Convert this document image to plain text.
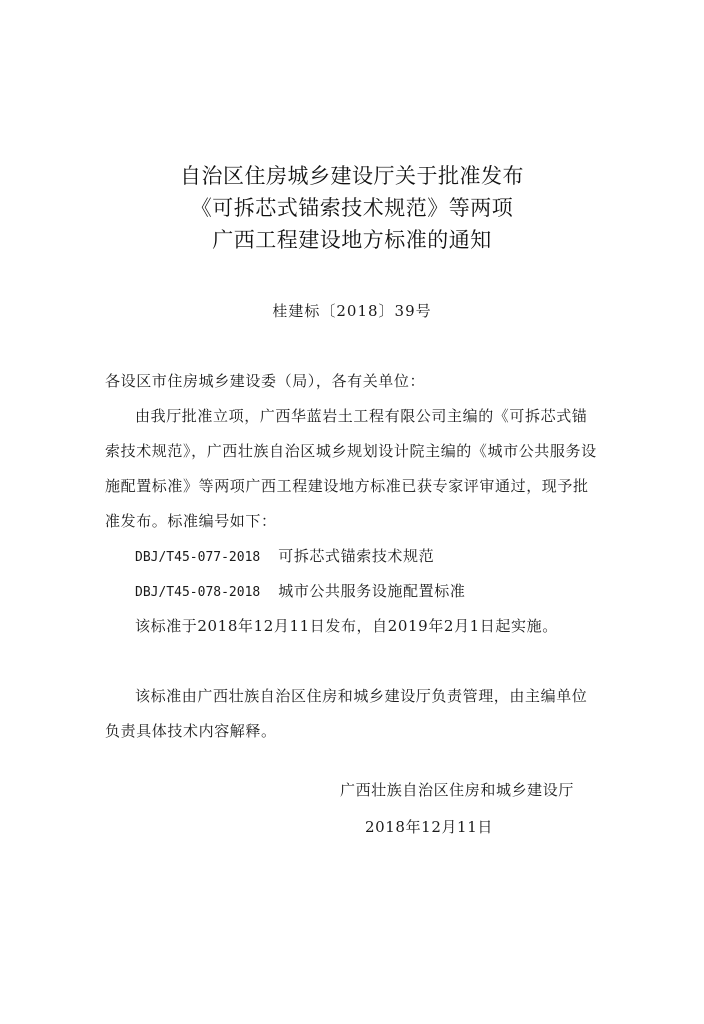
自治区住房城乡建设厅关于批准发布
《可拆芯式锚索技术规范》等两项
广西工程建设地方标准的通知
桂建标〔2018〕39号
各设区市住房城乡建设委（局），各有关单位：
由我厅批准立项，广西华蓝岩土工程有限公司主编的《可拆芯式锚索技术规范》，广西壮族自治区城乡规划设计院主编的《城市公共服务设施配置标准》等两项广西工程建设地方标准已获专家评审通过，现予批准发布。标准编号如下：
DBJ/T45-077-2018 可拆芯式锚索技术规范
DBJ/T45-078-2018 城市公共服务设施配置标准
该标准于2018年12月11日发布，自2019年2月1日起实施。
该标准由广西壮族自治区住房和城乡建设厅负责管理，由主编单位负责具体技术内容解释。
广西壮族自治区住房和城乡建设厅
2018年12月11日
